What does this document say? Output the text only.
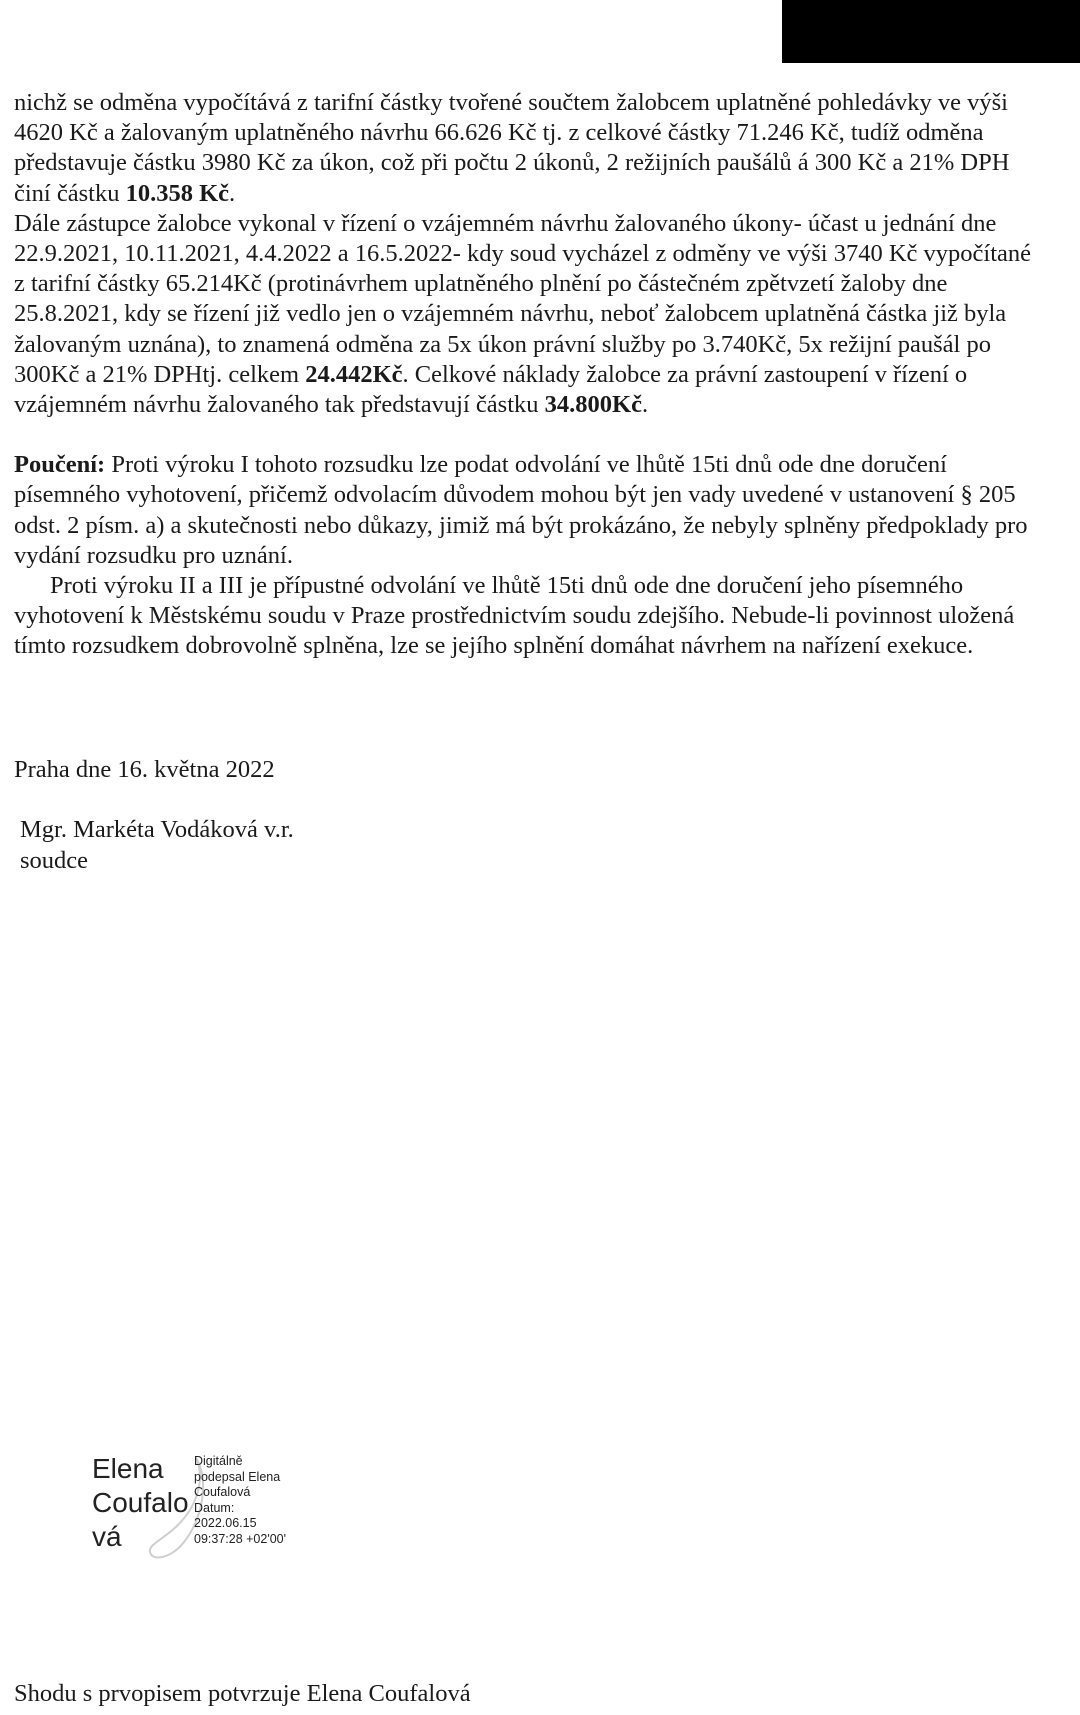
nichž se odměna vypočítává z tarifní částky tvořené součtem žalobcem uplatněné pohledávky ve výši 4620 Kč a žalovaným uplatněného návrhu 66.626 Kč tj. z celkové částky 71.246 Kč, tudíž odměna představuje částku 3980 Kč za úkon, což při počtu 2 úkonů, 2 režijních paušálů á 300 Kč a 21% DPH činí částku 10.358 Kč.

Dále zástupce žalobce vykonal v řízení o vzájemném návrhu žalovaného úkony- účast u jednání dne 22.9.2021, 10.11.2021, 4.4.2022 a 16.5.2022- kdy soud vycházel z odměny ve výši 3740 Kč vypočítané z tarifní částky 65.214Kč (protinávrhem uplatněného plnění po částečném zpětvzetí žaloby dne 25.8.2021, kdy se řízení již vedlo jen o vzájemném návrhu, neboť žalobcem uplatněná částka již byla žalovaným uznána), to znamená odměna za 5x úkon právní služby po 3.740Kč, 5x režijní paušál po 300Kč a 21% DPHtj. celkem 24.442Kč. Celkové náklady žalobce za právní zastoupení v řízení o vzájemném návrhu žalovaného tak představují částku 34.800Kč.

Poučení: Proti výroku I tohoto rozsudku lze podat odvolání ve lhůtě 15ti dnů ode dne doručení písemného vyhotovení, přičemž odvolacím důvodem mohou být jen vady uvedené v ustanovení § 205 odst. 2 písm. a) a skutečnosti nebo důkazy, jimiž má být prokázáno, že nebyly splněny předpoklady pro vydání rozsudku pro uznání.

Proti výroku II a III je přípustné odvolání ve lhůtě 15ti dnů ode dne doručení jeho písemného vyhotovení k Městskému soudu v Praze prostřednictvím soudu zdejšího. Nebude-li povinnost uložená tímto rozsudkem dobrovolně splněna, lze se jejího splnění domáhat návrhem na nařízení exekuce.

Praha dne 16. května 2022
Mgr. Markéta Vodáková v.r.
soudce
Elena
Coufalo
vá
Digitálně
podepsal Elena
Coufalová
Datum:
2022.06.15
09:37:28 +02'00'
Shodu s prvopisem potvrzuje Elena Coufalová
